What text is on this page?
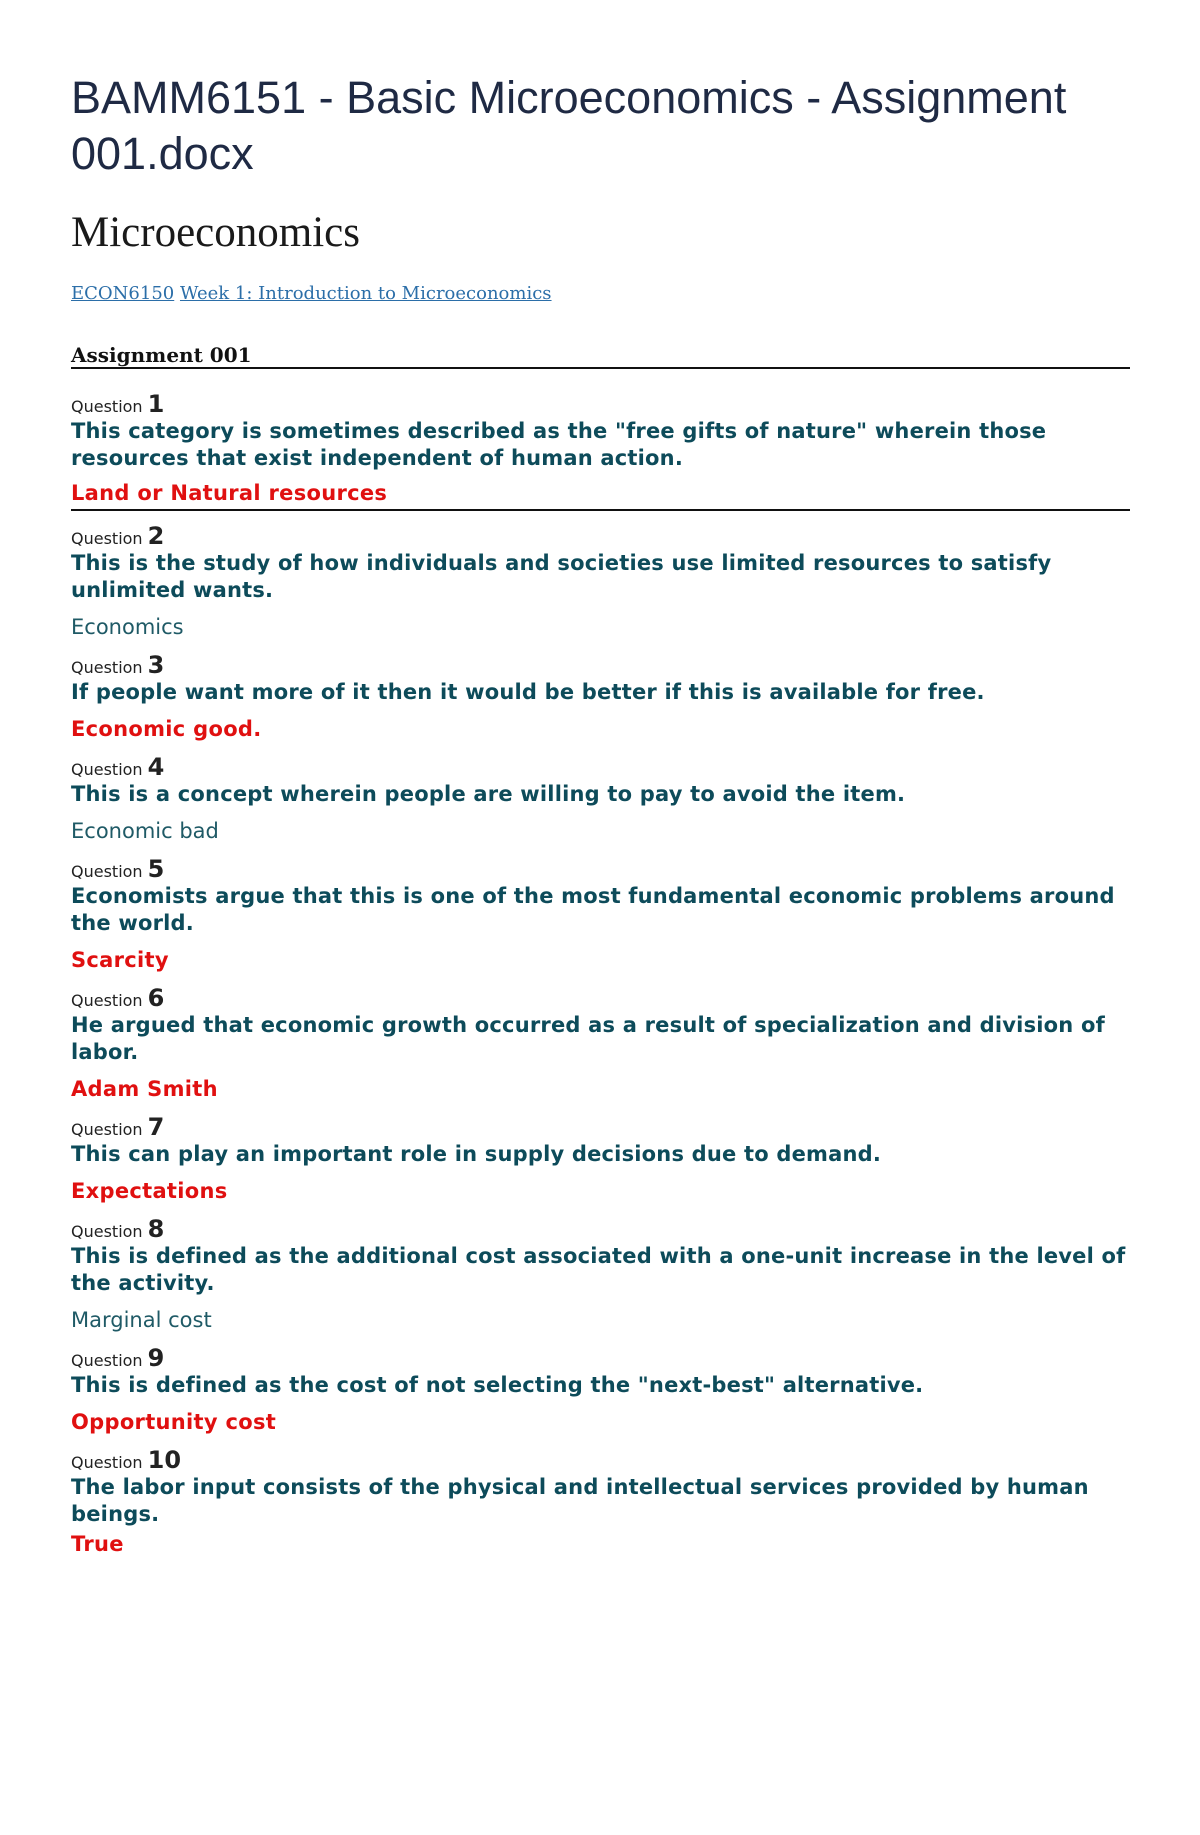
BAMM6151 - Basic Microeconomics - Assignment 001.docx
Microeconomics
ECON6150 Week 1: Introduction to Microeconomics
Assignment 001
Question 1
This category is sometimes described as the "free gifts of nature" wherein those resources that exist independent of human action.
Land or Natural resources
Question 2
This is the study of how individuals and societies use limited resources to satisfy unlimited wants.
Economics
Question 3
If people want more of it then it would be better if this is available for free.
Economic good.
Question 4
This is a concept wherein people are willing to pay to avoid the item.
Economic bad
Question 5
Economists argue that this is one of the most fundamental economic problems around the world.
Scarcity
Question 6
He argued that economic growth occurred as a result of specialization and division of labor.
Adam Smith
Question 7
This can play an important role in supply decisions due to demand.
Expectations
Question 8
This is defined as the additional cost associated with a one-unit increase in the level of the activity.
Marginal cost
Question 9
This is defined as the cost of not selecting the "next-best" alternative.
Opportunity cost
Question 10
The labor input consists of the physical and intellectual services provided by human beings.
True
